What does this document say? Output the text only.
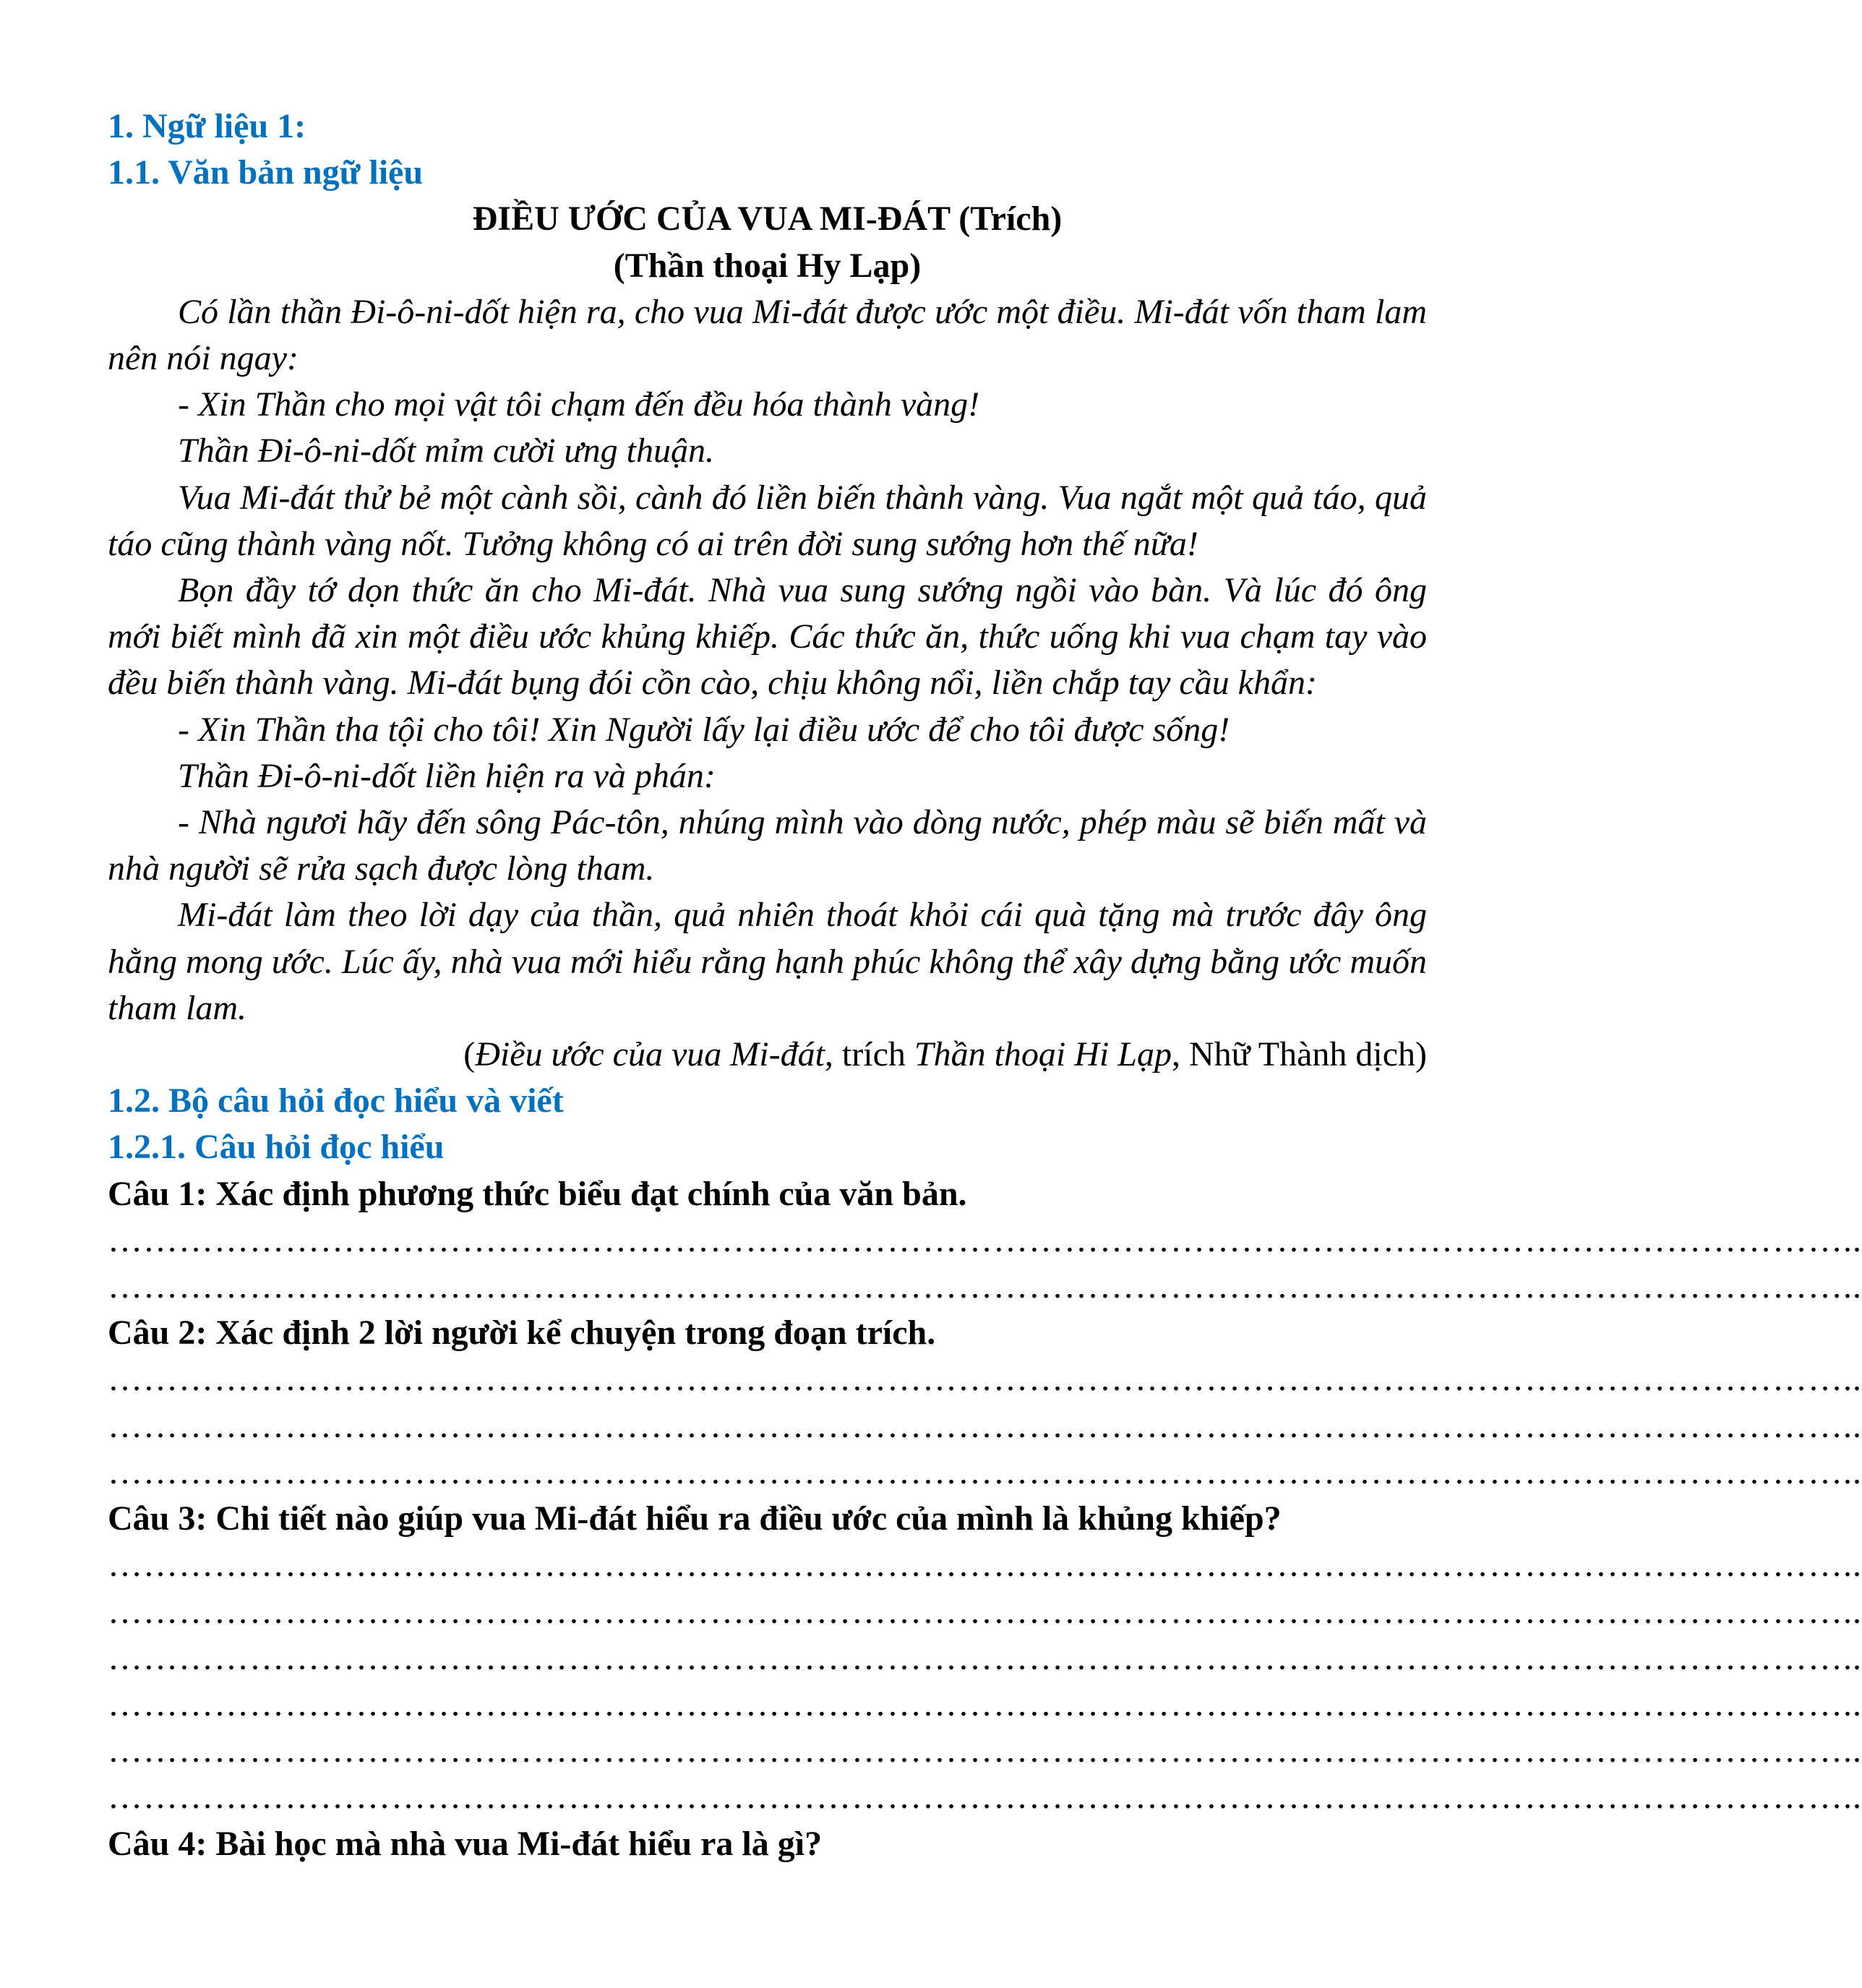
1. Ngữ liệu 1:
1.1. Văn bản ngữ liệu
ĐIỀU ƯỚC CỦA VUA MI-ĐÁT (Trích)
(Thần thoại Hy Lạp)

Có lần thần Đi-ô-ni-dốt hiện ra, cho vua Mi-đát được ước một điều. Mi-đát vốn tham lam nên nói ngay:

- Xin Thần cho mọi vật tôi chạm đến đều hóa thành vàng!

Thần Đi-ô-ni-dốt mỉm cười ưng thuận.

Vua Mi-đát thử bẻ một cành sồi, cành đó liền biến thành vàng. Vua ngắt một quả táo, quả táo cũng thành vàng nốt. Tưởng không có ai trên đời sung sướng hơn thế nữa!

Bọn đầy tớ dọn thức ăn cho Mi-đát. Nhà vua sung sướng ngồi vào bàn. Và lúc đó ông mới biết mình đã xin một điều ước khủng khiếp. Các thức ăn, thức uống khi vua chạm tay vào đều biến thành vàng. Mi-đát bụng đói cồn cào, chịu không nổi, liền chắp tay cầu khẩn:

- Xin Thần tha tội cho tôi! Xin Người lấy lại điều ước để cho tôi được sống!

Thần Đi-ô-ni-dốt liền hiện ra và phán:

- Nhà ngươi hãy đến sông Pác-tôn, nhúng mình vào dòng nước, phép màu sẽ biến mất và nhà người sẽ rửa sạch được lòng tham.

Mi-đát làm theo lời dạy của thần, quả nhiên thoát khỏi cái quà tặng mà trước đây ông hằng mong ước. Lúc ấy, nhà vua mới hiểu rằng hạnh phúc không thể xây dựng bằng ước muốn tham lam.

(Điều ước của vua Mi-đát, trích Thần thoại Hi Lạp, Nhữ Thành dịch)
1.2. Bộ câu hỏi đọc hiểu và viết
1.2.1. Câu hỏi đọc hiểu
Câu 1: Xác định phương thức biểu đạt chính của văn bản.
…………………………………………………………………………………………………………………………………..
…………………………………………………………………………………………………………………………………..
Câu 2: Xác định 2 lời người kể chuyện trong đoạn trích.
…………………………………………………………………………………………………………………………………..
…………………………………………………………………………………………………………………………………..
…………………………………………………………………………………………………………………………………..
Câu 3: Chi tiết nào giúp vua Mi-đát hiểu ra điều ước của mình là khủng khiếp?
…………………………………………………………………………………………………………………………………..
…………………………………………………………………………………………………………………………………..
…………………………………………………………………………………………………………………………………..
…………………………………………………………………………………………………………………………………..
…………………………………………………………………………………………………………………………………..
…………………………………………………………………………………………………………………………………..
Câu 4: Bài học mà nhà vua Mi-đát hiểu ra là gì?
